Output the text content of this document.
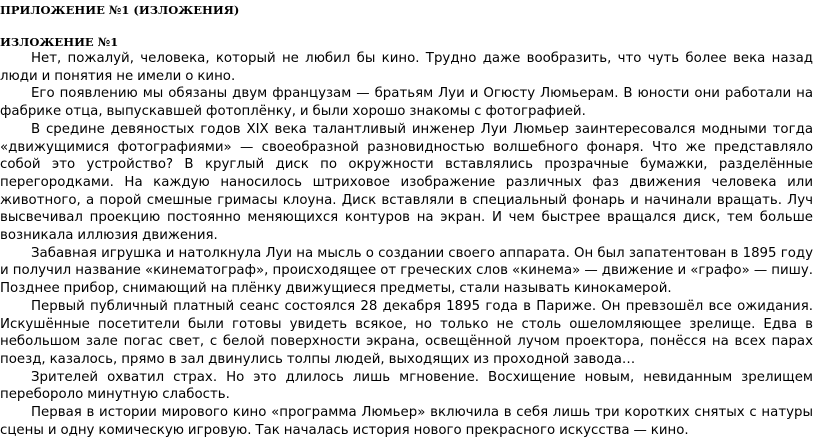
ПРИЛОЖЕНИЕ №1 (ИЗЛОЖЕНИЯ)

ИЗЛОЖЕНИЕ №1

Нет, пожалуй, человека, который не любил бы кино. Трудно даже вообразить, что чуть более века назад люди и понятия не имели о кино.

Его появлению мы обязаны двум французам — братьям Луи и Огюсту Люмьерам. В юности они работали на фабрике отца, выпускавшей фотоплёнку, и были хорошо знакомы с фотографией.

В средине девяностых годов XIX века талантливый инженер Луи Люмьер заинтересовался модными тогда «движущимися фотографиями» — своеобразной разновидностью волшебного фонаря. Что же представляло собой это устройство? В круглый диск по окружности вставлялись прозрачные бумажки, разделённые перегородками. На каждую наносилось штриховое изображение различных фаз движения человека или животного, а порой смешные гримасы клоуна. Диск вставляли в специальный фонарь и начинали вращать. Луч высвечивал проекцию постоянно меняющихся контуров на экран. И чем быстрее вращался диск, тем больше возникала иллюзия движения.

Забавная игрушка и натолкнула Луи на мысль о создании своего аппарата. Он был запатентован в 1895 году и получил название «кинематограф», происходящее от греческих слов «кинема» — движение и «графо» — пишу. Позднее прибор, снимающий на плёнку движущиеся предметы, стали называть кинокамерой.

Первый публичный платный сеанс состоялся 28 декабря 1895 года в Париже. Он превзошёл все ожидания. Искушённые посетители были готовы увидеть всякое, но только не столь ошеломляющее зрелище. Едва в небольшом зале погас свет, с белой поверхности экрана, освещённой лучом проектора, понёсся на всех парах поезд, казалось, прямо в зал двинулись толпы людей, выходящих из проходной завода…

Зрителей охватил страх. Но это длилось лишь мгновение. Восхищение новым, невиданным зрелищем перебороло минутную слабость.

Первая в истории мирового кино «программа Люмьер» включила в себя лишь три коротких снятых с натуры сцены и одну комическую игровую. Так началась история нового прекрасного искусства — кино.
